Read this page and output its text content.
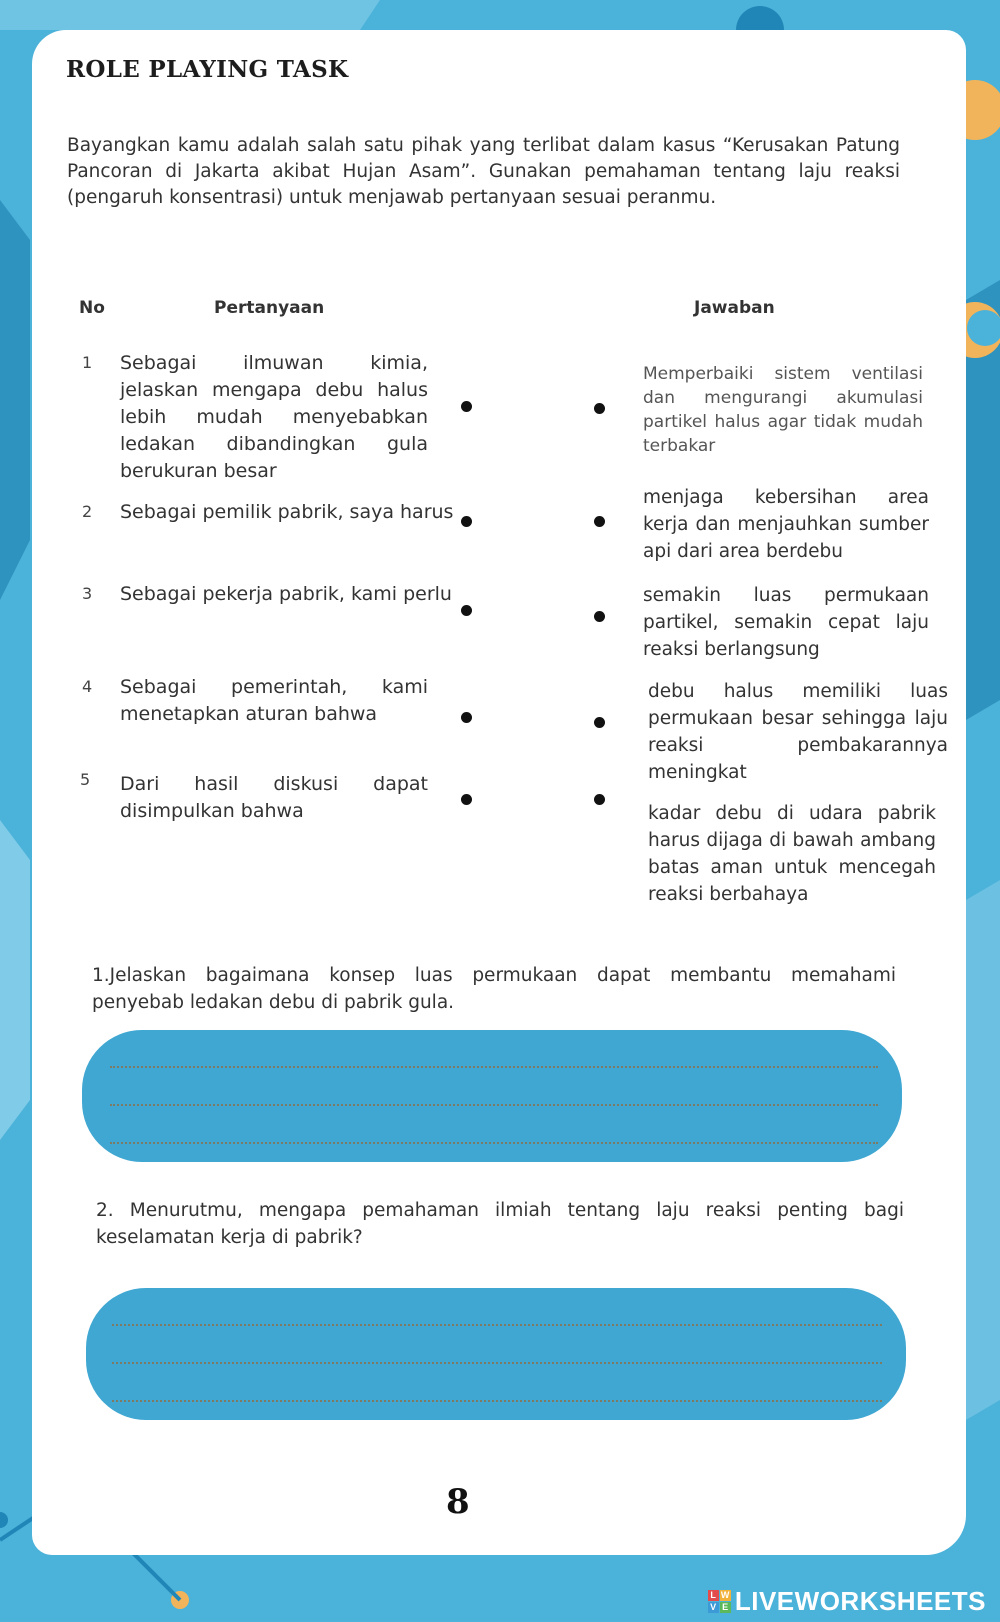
ROLE PLAYING TASK
Bayangkan kamu adalah salah satu pihak yang terlibat dalam kasus “Kerusakan Patung Pancoran di Jakarta akibat Hujan Asam”. Gunakan pemahaman tentang laju reaksi (pengaruh konsentrasi) untuk menjawab pertanyaan sesuai peranmu.
No	Pertanyaan	Jawaban
1
2
3
4
5
Sebagai ilmuwan kimia, jelaskan mengapa debu halus lebih mudah menyebabkan ledakan dibandingkan gula berukuran besar
Sebagai pemilik pabrik, saya harus
Sebagai pekerja pabrik, kami perlu
Sebagai pemerintah, kami menetapkan aturan bahwa
Dari hasil diskusi dapat disimpulkan bahwa
Memperbaiki sistem ventilasi dan mengurangi akumulasi partikel halus agar tidak mudah terbakar
menjaga kebersihan area kerja dan menjauhkan sumber api dari area berdebu
semakin luas permukaan partikel, semakin cepat laju reaksi berlangsung
debu halus memiliki luas permukaan besar sehingga laju reaksi pembakarannya meningkat
kadar debu di udara pabrik harus dijaga di bawah ambang batas aman untuk mencegah reaksi berbahaya
1.Jelaskan bagaimana konsep luas permukaan dapat membantu memahami penyebab ledakan debu di pabrik gula.
2. Menurutmu, mengapa pemahaman ilmiah tentang laju reaksi penting bagi keselamatan kerja di pabrik?
8
L W
V E LIVEWORKSHEETS
